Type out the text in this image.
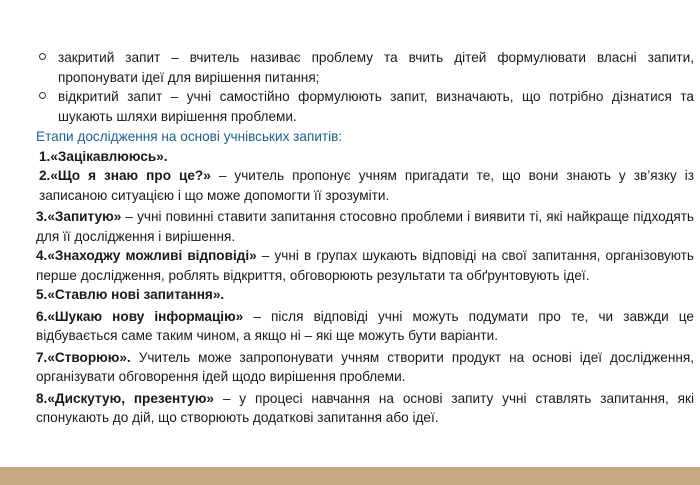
закритий запит – вчитель називає проблему та вчить дітей формулювати власні запити, пропонувати ідеї для вирішення питання;
відкритий запит – учні самостійно формулюють запит, визначають, що потрібно дізнатися та шукають шляхи вирішення проблеми.
Етапи дослідження на основі учнівських запитів:

1.«Зацікавлююсь».

2.«Що я знаю про це?» – учитель пропонує учням пригадати те, що вони знають у зв’язку із записаною ситуацією і що може допомогти її зрозуміти.

3.«Запитую» – учні повинні ставити запитання стосовно проблеми і виявити ті, які найкраще підходять для її дослідження і вирішення.

4.«Знаходжу можливі відповіді» – учні в групах шукають відповіді на свої запитання, організовують перше дослідження, роблять відкриття, обговорюють результати та обґрунтовують ідеї.

5.«Ставлю нові запитання».

6.«Шукаю нову інформацію» – після відповіді учні можуть подумати про те, чи завжди це відбувається саме таким чином, а якщо ні – які ще можуть бути варіанти.

7.«Створюю». Учитель може запропонувати учням створити продукт на основі ідеї дослідження, організувати обговорення ідей щодо вирішення проблеми.

8.«Дискутую, презентую» – у процесі навчання на основі запиту учні ставлять запитання, які спонукають до дій, що створюють додаткові запитання або ідеї.
